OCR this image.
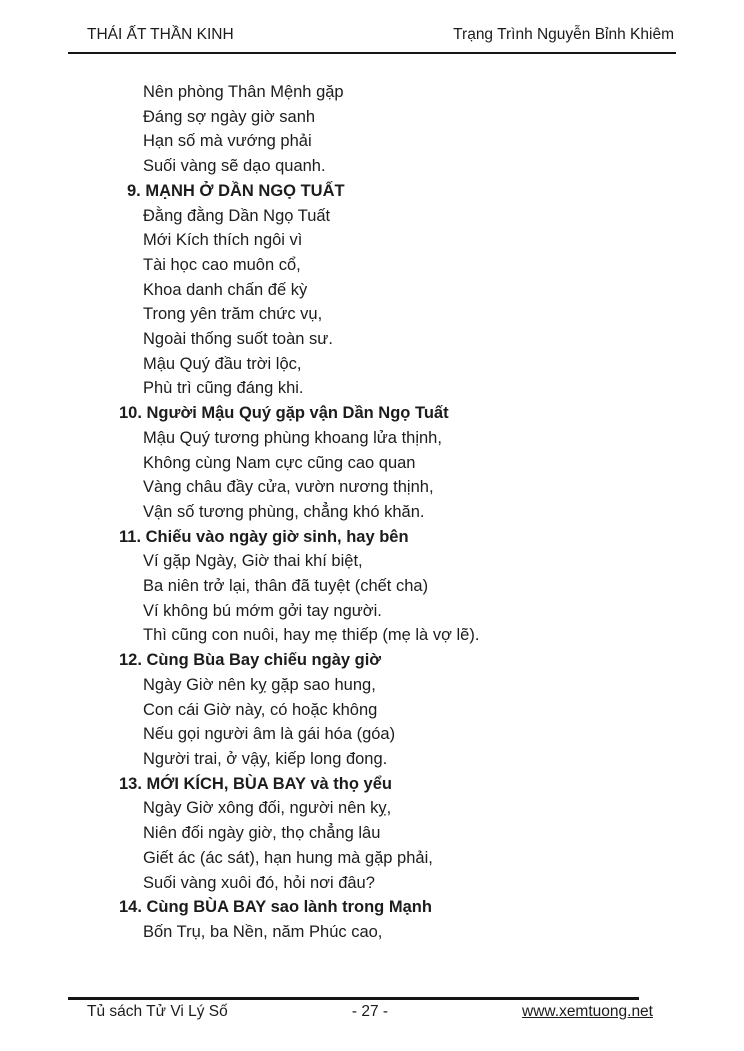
THÁI ẤT THẦN KINH	Trạng Trình Nguyễn Bỉnh Khiêm
Nên phòng Thân Mệnh gặp
Đáng sợ ngày giờ sanh
Hạn số mà vướng phải
Suối vàng sẽ dạo quanh.
9. MẠNH Ở DẦN NGỌ TUẤT
Đằng đằng Dần Ngọ Tuất
Mới Kích thích ngôi vì
Tài học cao muôn cổ,
Khoa danh chấn đế kỳ
Trong yên trăm chức vụ,
Ngoài thống suốt toàn sư.
Mậu Quý đầu trời lộc,
Phù trì cũng đáng khi.
10. Người Mậu Quý gặp vận Dần Ngọ Tuất
Mậu Quý tương phùng khoang lửa thịnh,
Không cùng Nam cực cũng cao quan
Vàng châu đầy cửa, vườn nương thịnh,
Vận số tương phùng, chẳng khó khăn.
11. Chiếu vào ngày giờ sinh, hay bên
Ví gặp Ngày, Giờ thai khí biệt,
Ba niên trở lại, thân đã tuyệt (chết cha)
Ví không bú mớm gởi tay người.
Thì cũng con nuôi, hay mẹ thiếp (mẹ là vợ lẽ).
12. Cùng Bùa Bay chiếu ngày giờ
Ngày Giờ nên kỵ gặp sao hung,
Con cái Giờ này, có hoặc không
Nếu gọi người âm là gái hóa (góa)
Người trai, ở vậy, kiếp long đong.
13. MỚI KÍCH, BÙA BAY và thọ yểu
Ngày Giờ xông đối, người nên kỵ,
Niên đối ngày giờ, thọ chẳng lâu
Giết ác (ác sát), hạn hung mà gặp phải,
Suối vàng xuôi đó, hỏi nơi đâu?
14. Cùng BÙA BAY sao lành trong Mạnh
Bốn Trụ, ba Nền, năm Phúc cao,
Tủ sách Tử Vi Lý Số	- 27 -	www.xemtuong.net
